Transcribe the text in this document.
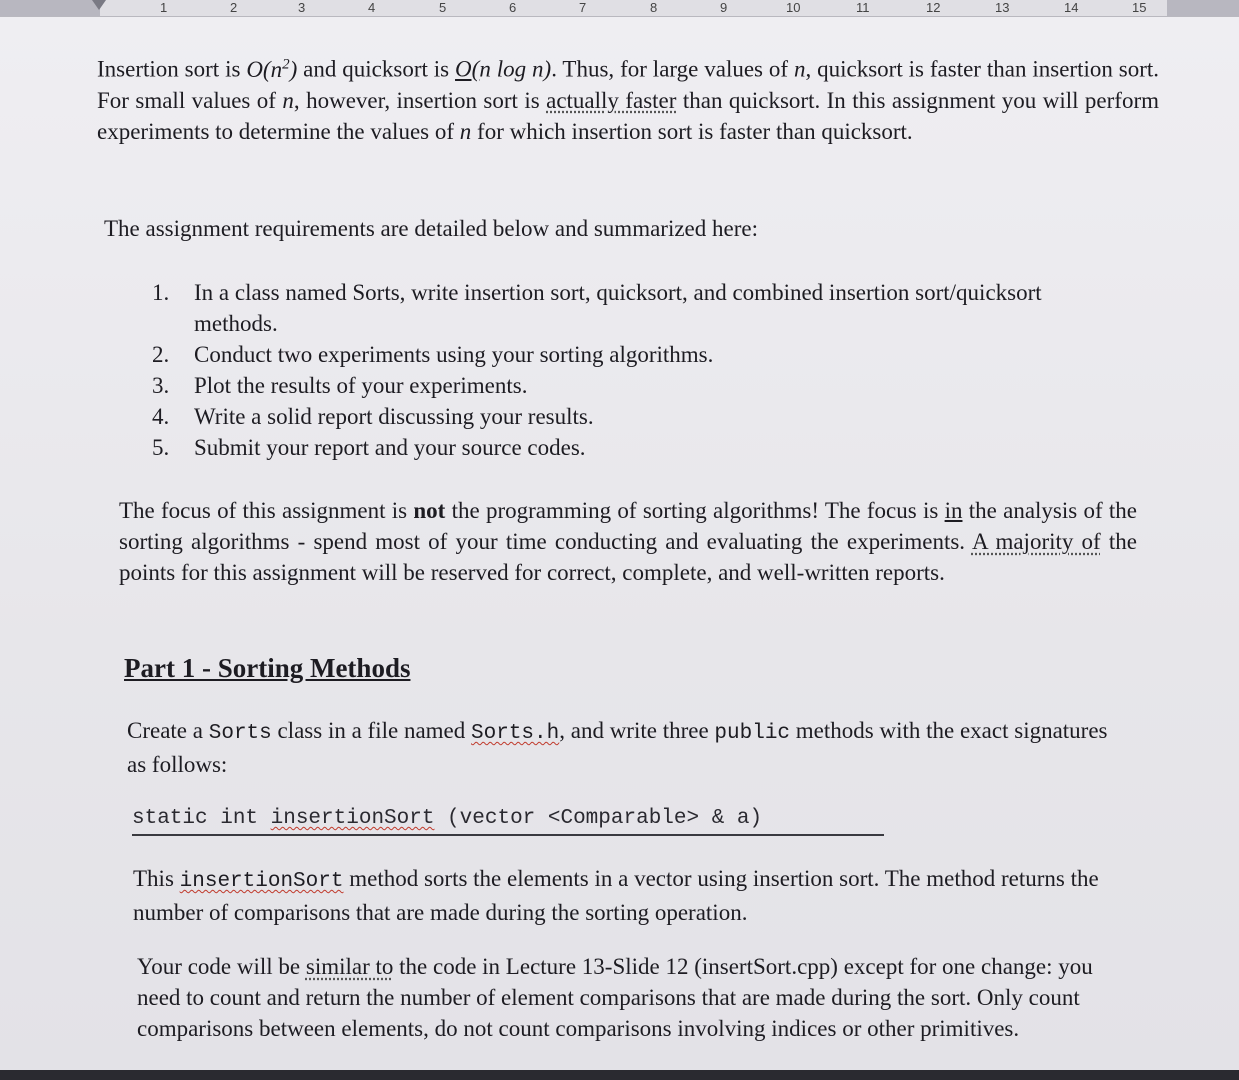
1	2	3	4	5	6	7	8	9	10	11	12	13	14	15

Insertion sort is $O(n^2)$ and quicksort is O(n log n). Thus, for large values of n, quicksort is faster than insertion sort. For small values of n, however, insertion sort is actually faster than quicksort. In this assignment you will perform experiments to determine the values of n for which insertion sort is faster than quicksort.

The assignment requirements are detailed below and summarized here:

1.	In a class named Sorts, write insertion sort, quicksort, and combined insertion sort/quicksort methods.
2.	Conduct two experiments using your sorting algorithms.
3.	Plot the results of your experiments.
4.	Write a solid report discussing your results.
5.	Submit your report and your source codes.

The focus of this assignment is not the programming of sorting algorithms! The focus is in the analysis of the sorting algorithms - spend most of your time conducting and evaluating the experiments. A majority of the points for this assignment will be reserved for correct, complete, and well-written reports.

Part 1 - Sorting Methods

Create a Sorts class in a file named Sorts.h, and write three public methods with the exact signatures as follows:

static int insertionSort (vector <Comparable> & a)

This insertionSort method sorts the elements in a vector using insertion sort. The method returns the number of comparisons that are made during the sorting operation.

Your code will be similar to the code in Lecture 13-Slide 12 (insertSort.cpp) except for one change: you need to count and return the number of element comparisons that are made during the sort. Only count comparisons between elements, do not count comparisons involving indices or other primitives.
